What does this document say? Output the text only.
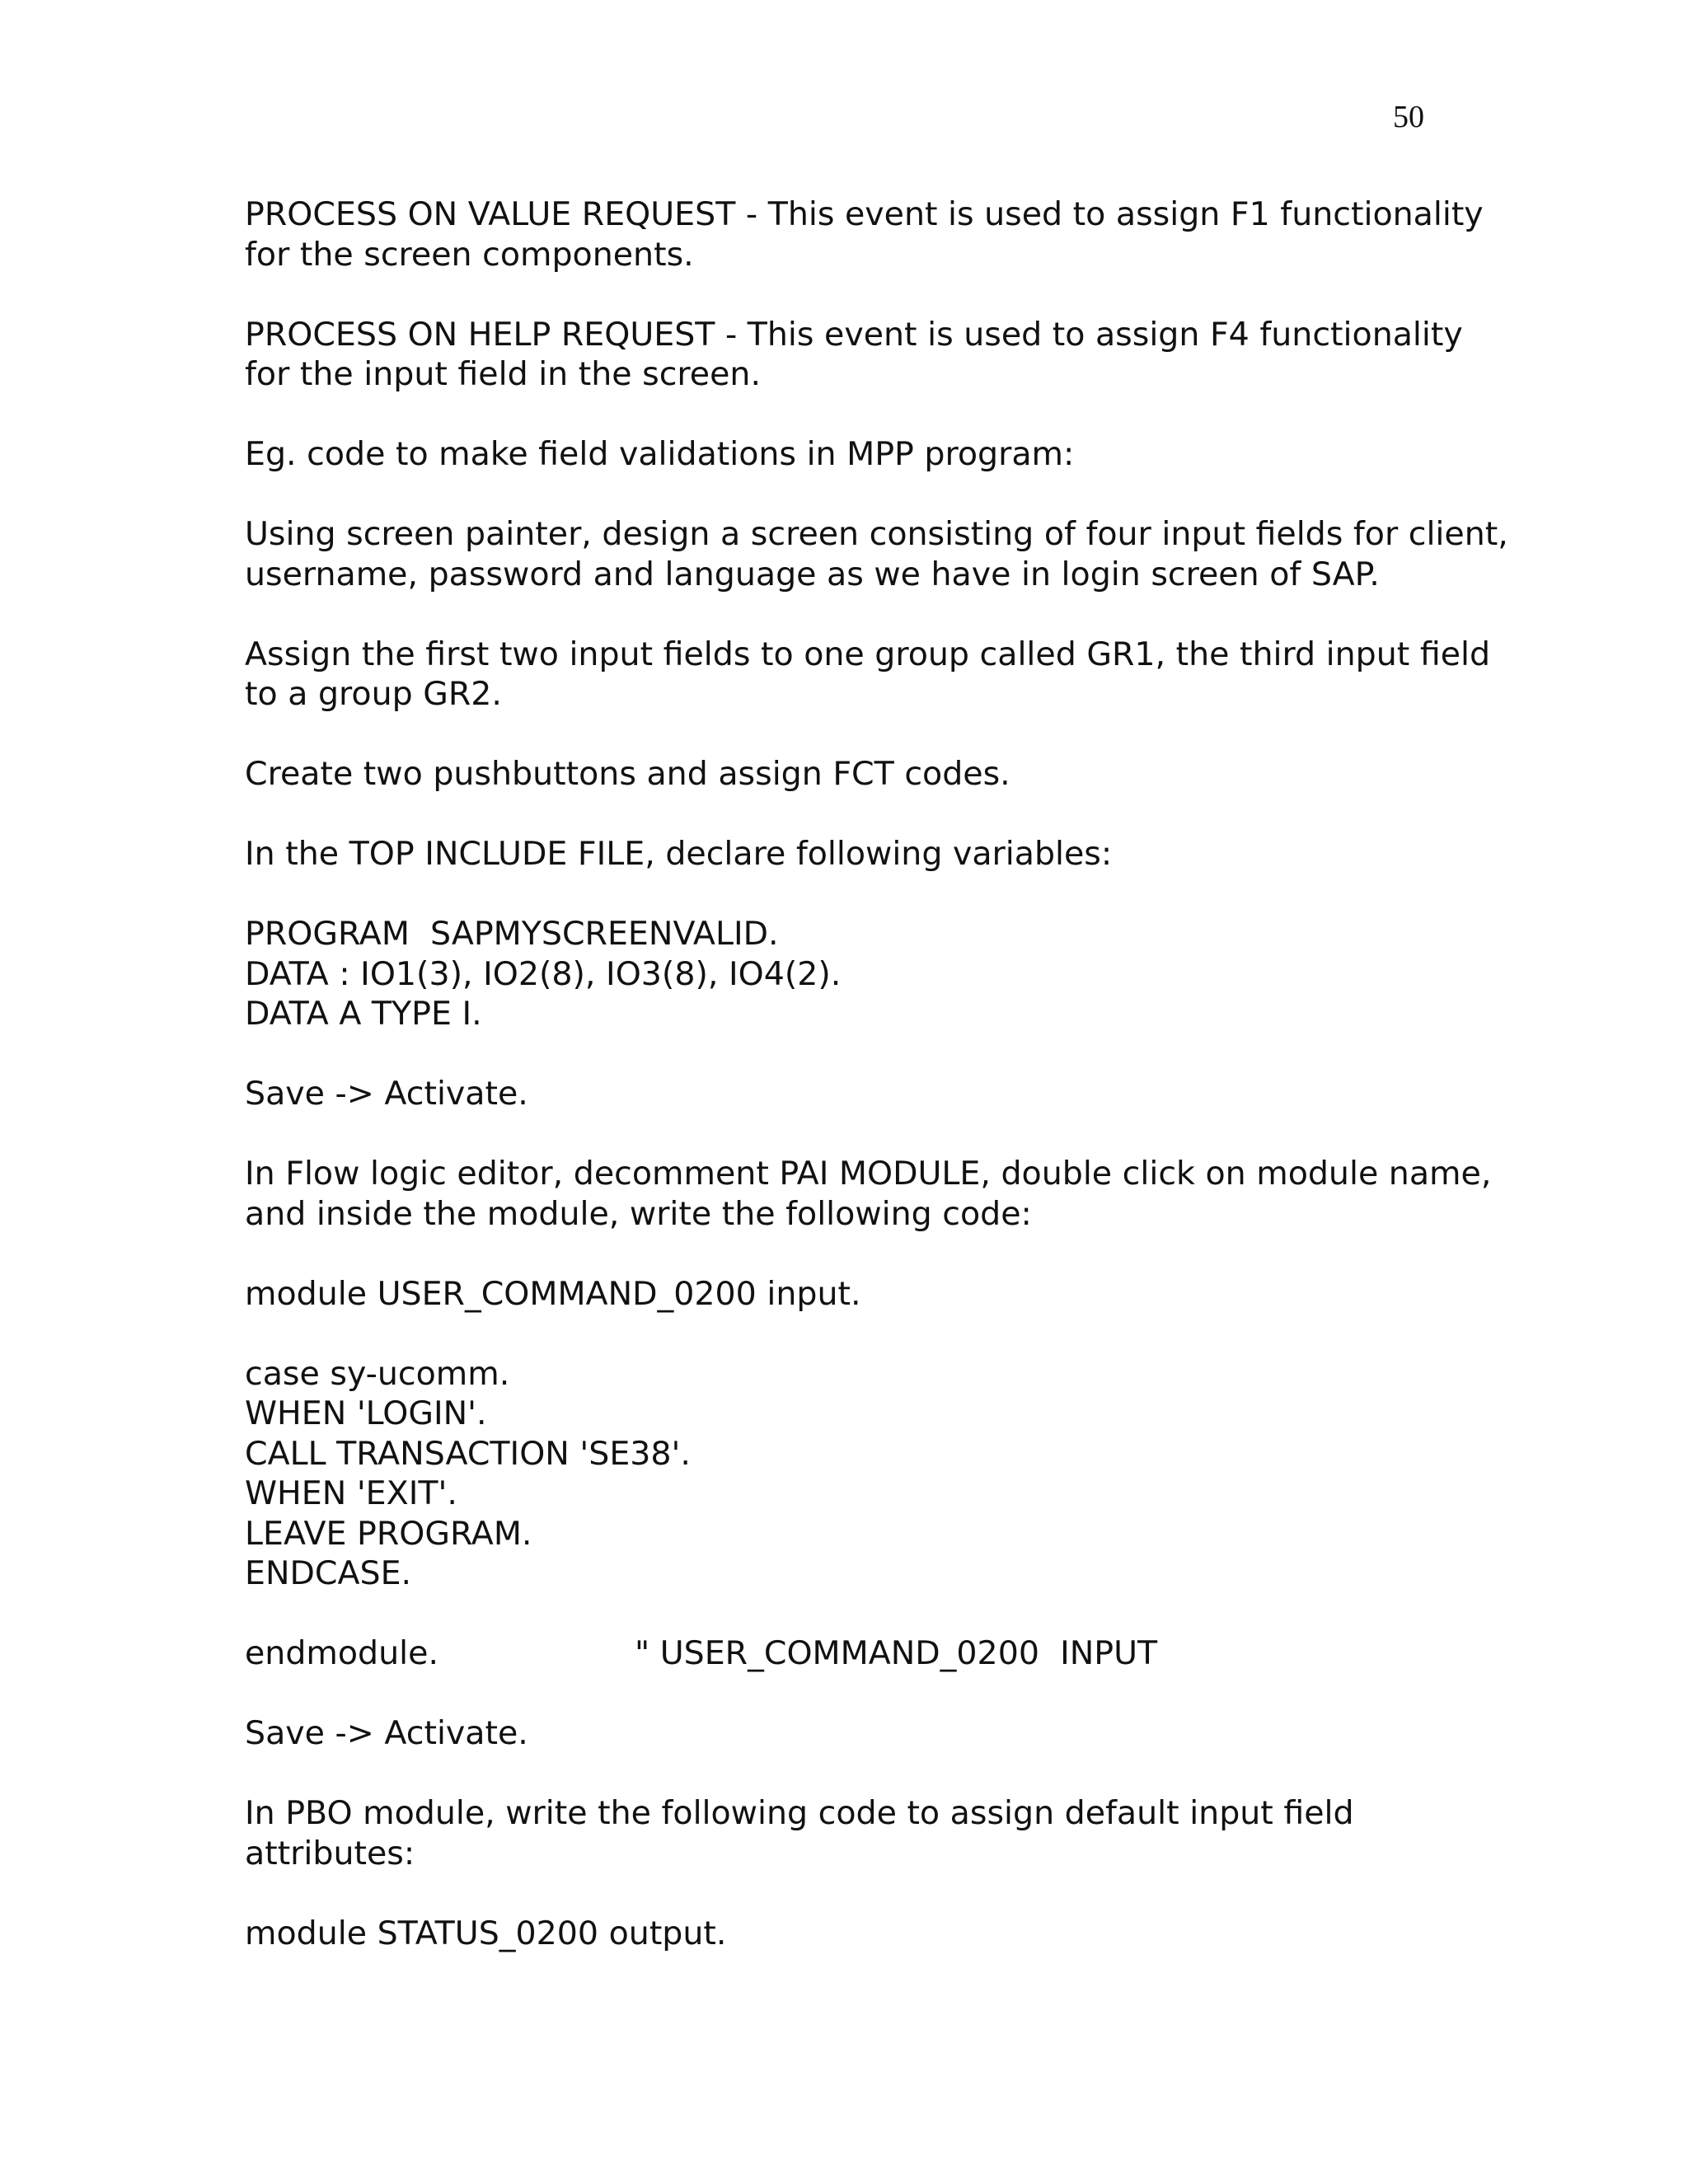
50
PROCESS ON VALUE REQUEST - This event is used to assign F1 functionality
for the screen components.
PROCESS ON HELP REQUEST - This event is used to assign F4 functionality
for the input field in the screen.
Eg. code to make field validations in MPP program:
Using screen painter, design a screen consisting of four input fields for client,
username, password and language as we have in login screen of SAP.
Assign the first two input fields to one group called GR1, the third input field
to a group GR2.
Create two pushbuttons and assign FCT codes.
In the TOP INCLUDE FILE, declare following variables:
PROGRAM  SAPMYSCREENVALID.
DATA : IO1(3), IO2(8), IO3(8), IO4(2).
DATA A TYPE I.
Save -> Activate.
In Flow logic editor, decomment PAI MODULE, double click on module name,
and inside the module, write the following code:
module USER_COMMAND_0200 input.
case sy-ucomm.
WHEN 'LOGIN'.
CALL TRANSACTION 'SE38'.
WHEN 'EXIT'.
LEAVE PROGRAM.
ENDCASE.
endmodule.	" USER_COMMAND_0200  INPUT
Save -> Activate.
In PBO module, write the following code to assign default input field
attributes:
module STATUS_0200 output.
